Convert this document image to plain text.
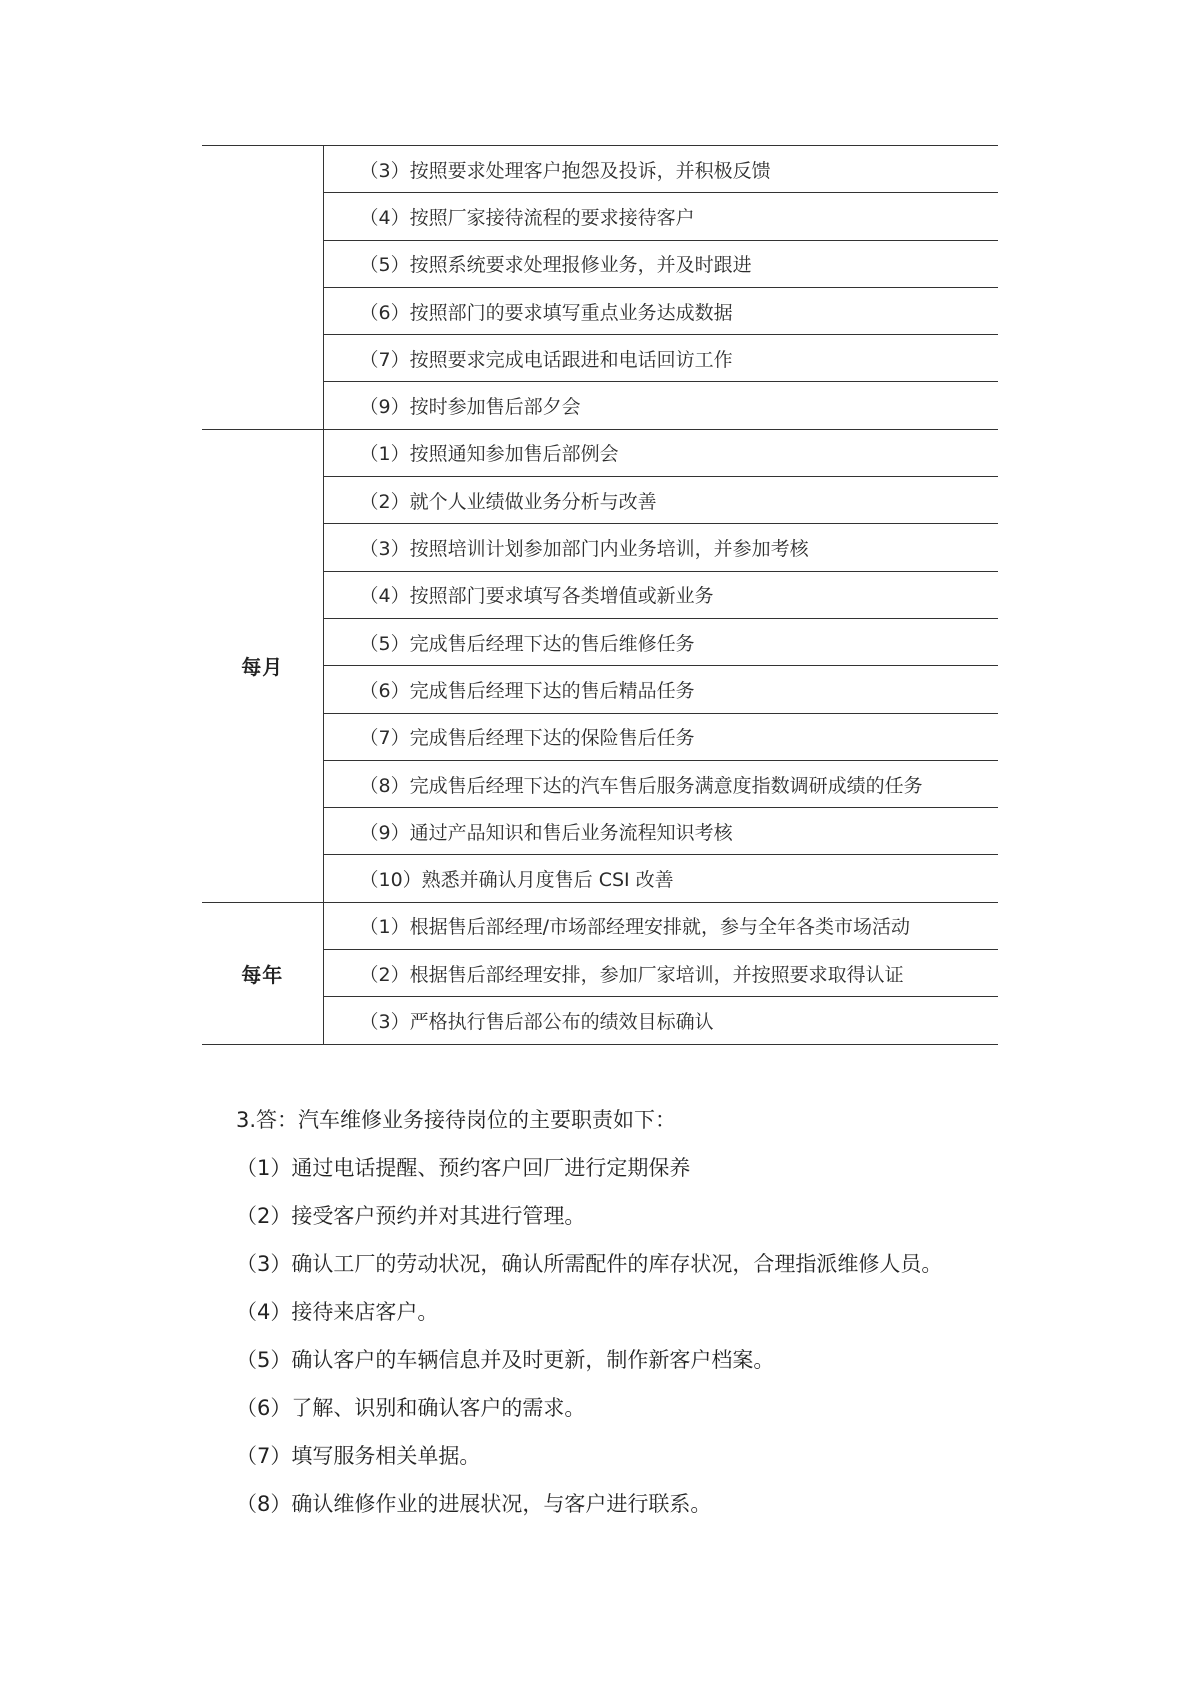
	（3）按照要求处理客户抱怨及投诉，并积极反馈
	（4）按照厂家接待流程的要求接待客户
	（5）按照系统要求处理报修业务，并及时跟进
	（6）按照部门的要求填写重点业务达成数据
	（7）按照要求完成电话跟进和电话回访工作
	（9）按时参加售后部夕会
每月	（1）按照通知参加售后部例会
	（2）就个人业绩做业务分析与改善
	（3）按照培训计划参加部门内业务培训，并参加考核
	（4）按照部门要求填写各类增值或新业务
	（5）完成售后经理下达的售后维修任务
	（6）完成售后经理下达的售后精品任务
	（7）完成售后经理下达的保险售后任务
	（8）完成售后经理下达的汽车售后服务满意度指数调研成绩的任务
	（9）通过产品知识和售后业务流程知识考核
	（10）熟悉并确认月度售后 CSI 改善
每年	（1）根据售后部经理/市场部经理安排就，参与全年各类市场活动
	（2）根据售后部经理安排，参加厂家培训，并按照要求取得认证
	（3）严格执行售后部公布的绩效目标确认
3.答：汽车维修业务接待岗位的主要职责如下：
（1）通过电话提醒、预约客户回厂进行定期保养
（2）接受客户预约并对其进行管理。
（3）确认工厂的劳动状况，确认所需配件的库存状况，合理指派维修人员。
（4）接待来店客户。
（5）确认客户的车辆信息并及时更新，制作新客户档案。
（6）了解、识别和确认客户的需求。
（7）填写服务相关单据。
（8）确认维修作业的进展状况，与客户进行联系。
